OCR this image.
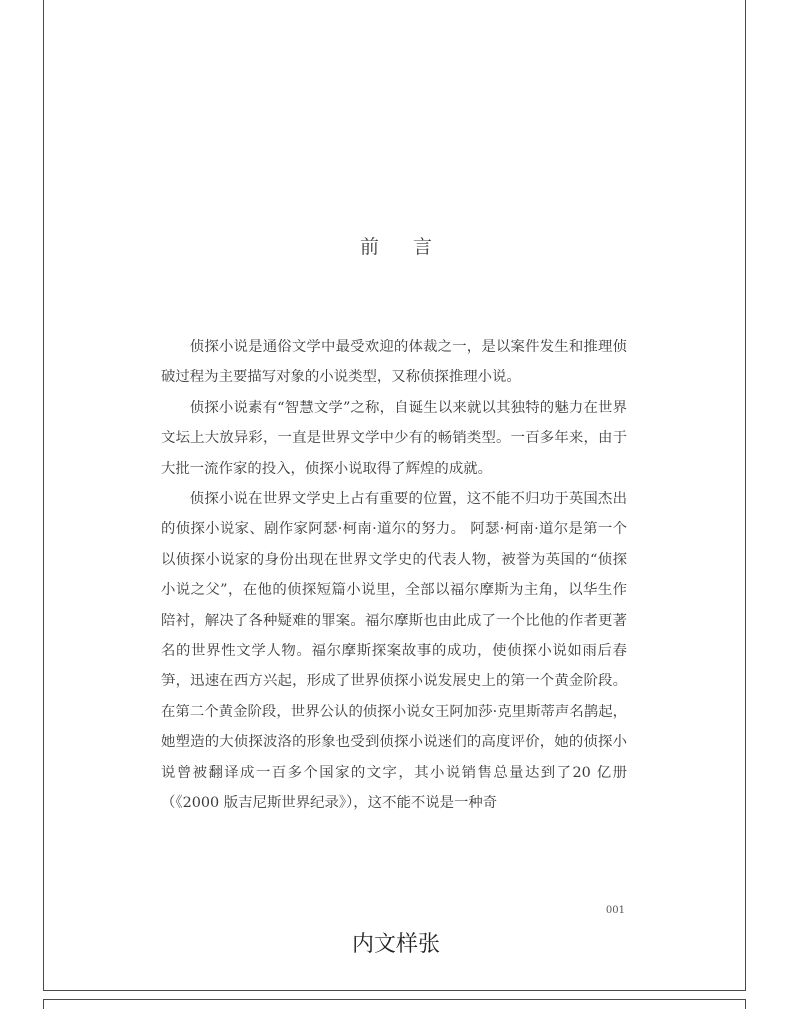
前 言

侦探小说是通俗文学中最受欢迎的体裁之一，是以案件发生和推理侦破过程为主要描写对象的小说类型，又称侦探推理小说。

侦探小说素有“智慧文学”之称，自诞生以来就以其独特的魅力在世界文坛上大放异彩，一直是世界文学中少有的畅销类型。一百多年来，由于大批一流作家的投入，侦探小说取得了辉煌的成就。

侦探小说在世界文学史上占有重要的位置，这不能不归功于英国杰出的侦探小说家、剧作家阿瑟·柯南·道尔的努力。 阿瑟·柯南·道尔是第一个以侦探小说家的身份出现在世界文学史的代表人物，被誉为英国的“侦探小说之父”，在他的侦探短篇小说里，全部以福尔摩斯为主角，以华生作陪衬，解决了各种疑难的罪案。福尔摩斯也由此成了一个比他的作者更著名的世界性文学人物。福尔摩斯探案故事的成功，使侦探小说如雨后春笋，迅速在西方兴起，形成了世界侦探小说发展史上的第一个黄金阶段。 在第二个黄金阶段，世界公认的侦探小说女王阿加莎·克里斯蒂声名鹊起，她塑造的大侦探波洛的形象也受到侦探小说迷们的高度评价，她的侦探小说曾被翻译成一百多个国家的文字，其小说销售总量达到了20 亿册（《2000 版吉尼斯世界纪录》），这不能不说是一种奇

001
内文样张
